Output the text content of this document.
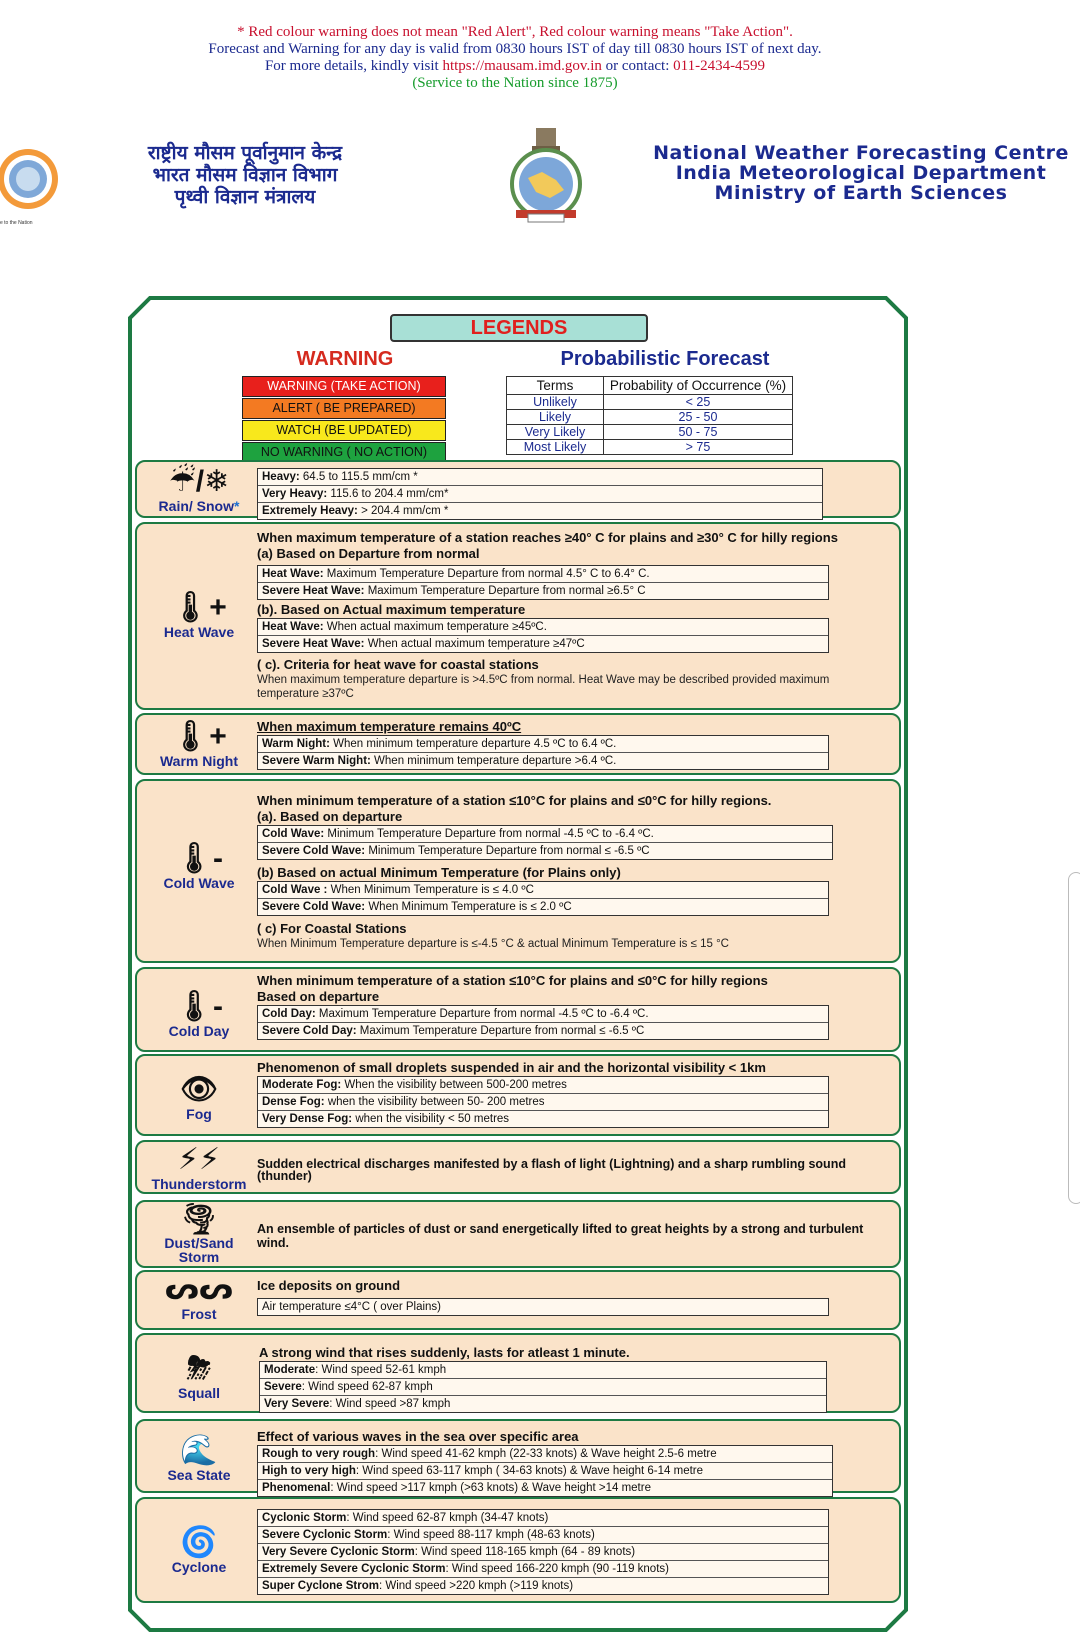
* Red colour warning does not mean "Red Alert", Red colour warning means "Take Action".
Forecast and Warning for any day is valid from 0830 hours IST of day till 0830 hours IST of next day.
For more details, kindly visit https://mausam.imd.gov.in or contact: 011-2434-4599
(Service to the Nation since 1875)
e to the Nation
राष्ट्रीय मौसम पूर्वानुमान केन्द्र
भारत मौसम विज्ञान विभाग
पृथ्वी विज्ञान मंत्रालय
National Weather Forecasting Centre
India Meteorological Department
Ministry of Earth Sciences
LEGENDS
WARNING
WARNING (TAKE ACTION)
ALERT ( BE PREPARED)
WATCH (BE UPDATED)
NO WARNING ( NO ACTION)
Probabilistic Forecast
Terms	Probability of Occurrence (%)
Unlikely	< 25
Likely	25 - 50
Very Likely	50 - 75
Most Likely	> 75
☔/❄
Rain/ Snow*
Heavy: 64.5 to 115.5 mm/cm *
Very Heavy: 115.6 to 204.4 mm/cm*
Extremely Heavy: > 204.4 mm/cm *
🌡+
Heat Wave
When maximum temperature of a station reaches ≥40° C for plains and ≥30° C for hilly regions
(a) Based on Departure from normal
Heat Wave: Maximum Temperature Departure from normal 4.5° C to 6.4° C.
Severe Heat Wave: Maximum Temperature Departure from normal ≥6.5° C
(b). Based on Actual maximum temperature
Heat Wave: When actual maximum temperature ≥45ºC.
Severe Heat Wave: When actual maximum temperature ≥47ºC
( c). Criteria for heat wave for coastal stations
When maximum temperature departure is >4.5ºC from normal. Heat Wave may be described provided maximum temperature ≥37ºC
🌡+
Warm Night
When maximum temperature remains 40ºC
Warm Night: When minimum temperature departure 4.5 ºC to 6.4 ºC.
Severe Warm Night: When minimum temperature departure >6.4 ºC.
🌡-
Cold Wave
When minimum temperature of a station ≤10°C for plains and ≤0°C for hilly regions.
(a). Based on departure
Cold Wave: Minimum Temperature Departure from normal -4.5 ºC to -6.4 ºC.
Severe Cold Wave: Minimum Temperature Departure from normal ≤ -6.5 ºC
(b) Based on actual Minimum Temperature (for Plains only)
Cold Wave : When Minimum Temperature is ≤ 4.0 ºC
Severe Cold Wave: When Minimum Temperature is ≤ 2.0 ºC
( c) For Coastal Stations
When Minimum Temperature departure is ≤-4.5 °C & actual Minimum Temperature is ≤ 15 °C
🌡-
Cold Day
When minimum temperature of a station ≤10°C for plains and ≤0°C for hilly regions
Based on departure
Cold Day: Maximum Temperature Departure from normal -4.5 ºC to -6.4 ºC.
Severe Cold Day: Maximum Temperature Departure from normal ≤ -6.5 ºC
👁
Fog
Phenomenon of small droplets suspended in air and the horizontal visibility < 1km
Moderate Fog: When the visibility between 500-200 metres
Dense Fog: when the visibility between 50- 200 metres
Very Dense Fog: when the visibility < 50 metres
⚡⚡
Thunderstorm
Sudden electrical discharges manifested by a flash of light (Lightning) and a sharp rumbling sound (thunder)
🌪
Dust/Sand Storm
An ensemble of particles of dust or sand energetically lifted to great heights by a strong and turbulent wind.
ᔕᔕ
Frost
Ice deposits on ground
Air temperature ≤4°C ( over Plains)
⛈
Squall
A strong wind that rises suddenly, lasts for atleast 1 minute.
Moderate: Wind speed 52-61 kmph
Severe: Wind speed 62-87 kmph
Very Severe: Wind speed >87 kmph
🌊
Sea State
Effect of various waves in the sea over specific area
Rough to very rough: Wind speed 41-62 kmph (22-33 knots) & Wave height 2.5-6 metre
High to very high: Wind speed 63-117 kmph ( 34-63 knots) & Wave height 6-14 metre
Phenomenal: Wind speed >117 kmph (>63 knots) & Wave height >14 metre
🌀
Cyclone
Cyclonic Storm: Wind speed 62-87 kmph (34-47 knots)
Severe Cyclonic Storm: Wind speed 88-117 kmph (48-63 knots)
Very Severe Cyclonic Storm: Wind speed 118-165 kmph (64 - 89 knots)
Extremely Severe Cyclonic Storm: Wind speed 166-220 kmph (90 -119 knots)
Super Cyclone Strom: Wind speed >220 kmph (>119 knots)
